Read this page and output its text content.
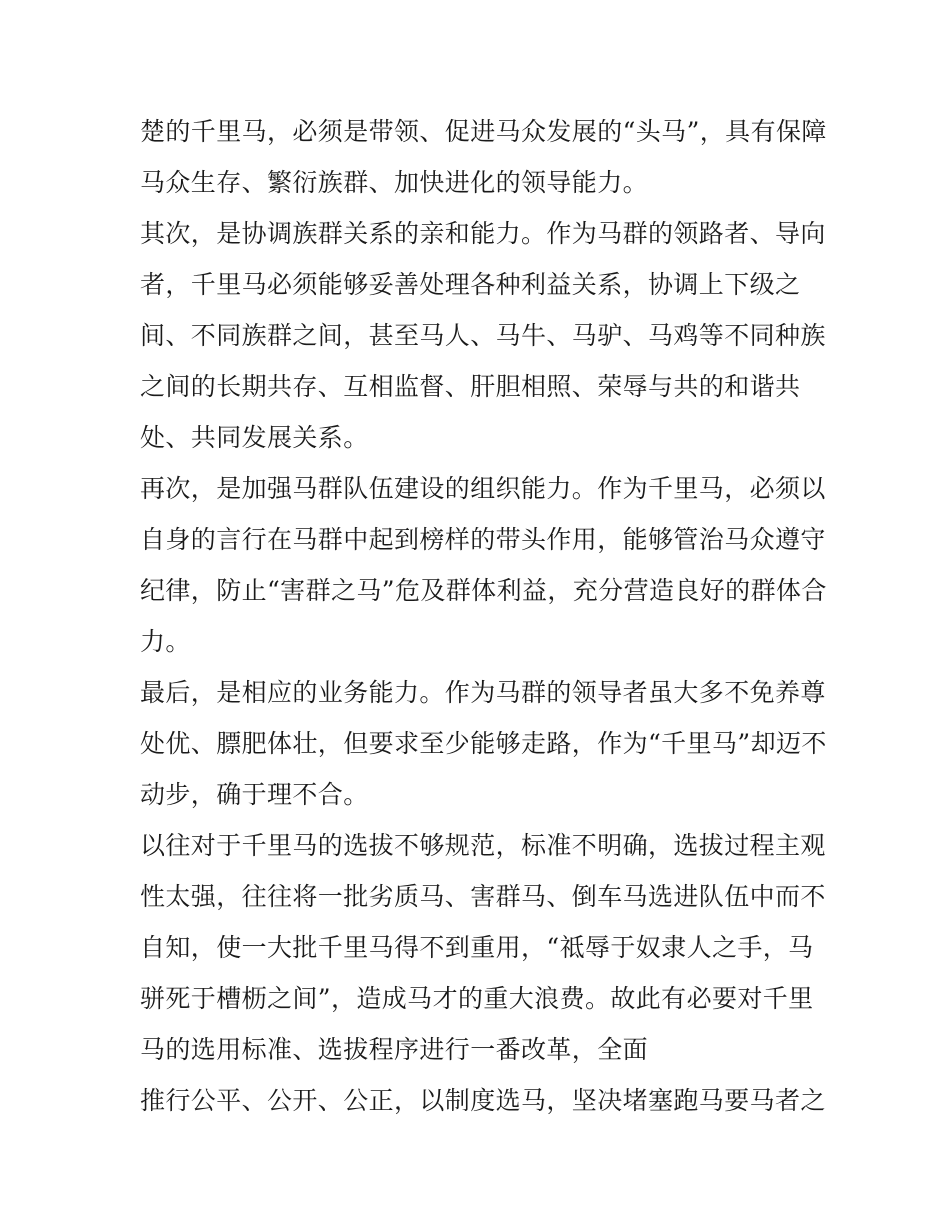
楚的千里马，必须是带领、促进马众发展的“头马”，具有保障
马众生存、繁衍族群、加快进化的领导能力。
其次，是协调族群关系的亲和能力。作为马群的领路者、导向
者，千里马必须能够妥善处理各种利益关系，协调上下级之
间、不同族群之间，甚至马人、马牛、马驴、马鸡等不同种族
之间的长期共存、互相监督、肝胆相照、荣辱与共的和谐共
处、共同发展关系。
再次，是加强马群队伍建设的组织能力。作为千里马，必须以
自身的言行在马群中起到榜样的带头作用，能够管治马众遵守
纪律，防止“害群之马”危及群体利益，充分营造良好的群体合
力。
最后，是相应的业务能力。作为马群的领导者虽大多不免养尊
处优、膘肥体壮，但要求至少能够走路，作为“千里马”却迈不
动步，确于理不合。
以往对于千里马的选拔不够规范，标准不明确，选拔过程主观
性太强，往往将一批劣质马、害群马、倒车马选进队伍中而不
自知，使一大批千里马得不到重用，“祗辱于奴隶人之手，马
骈死于槽枥之间”，造成马才的重大浪费。故此有必要对千里
马的选用标准、选拔程序进行一番改革，全面
推行公平、公开、公正，以制度选马，坚决堵塞跑马要马者之
